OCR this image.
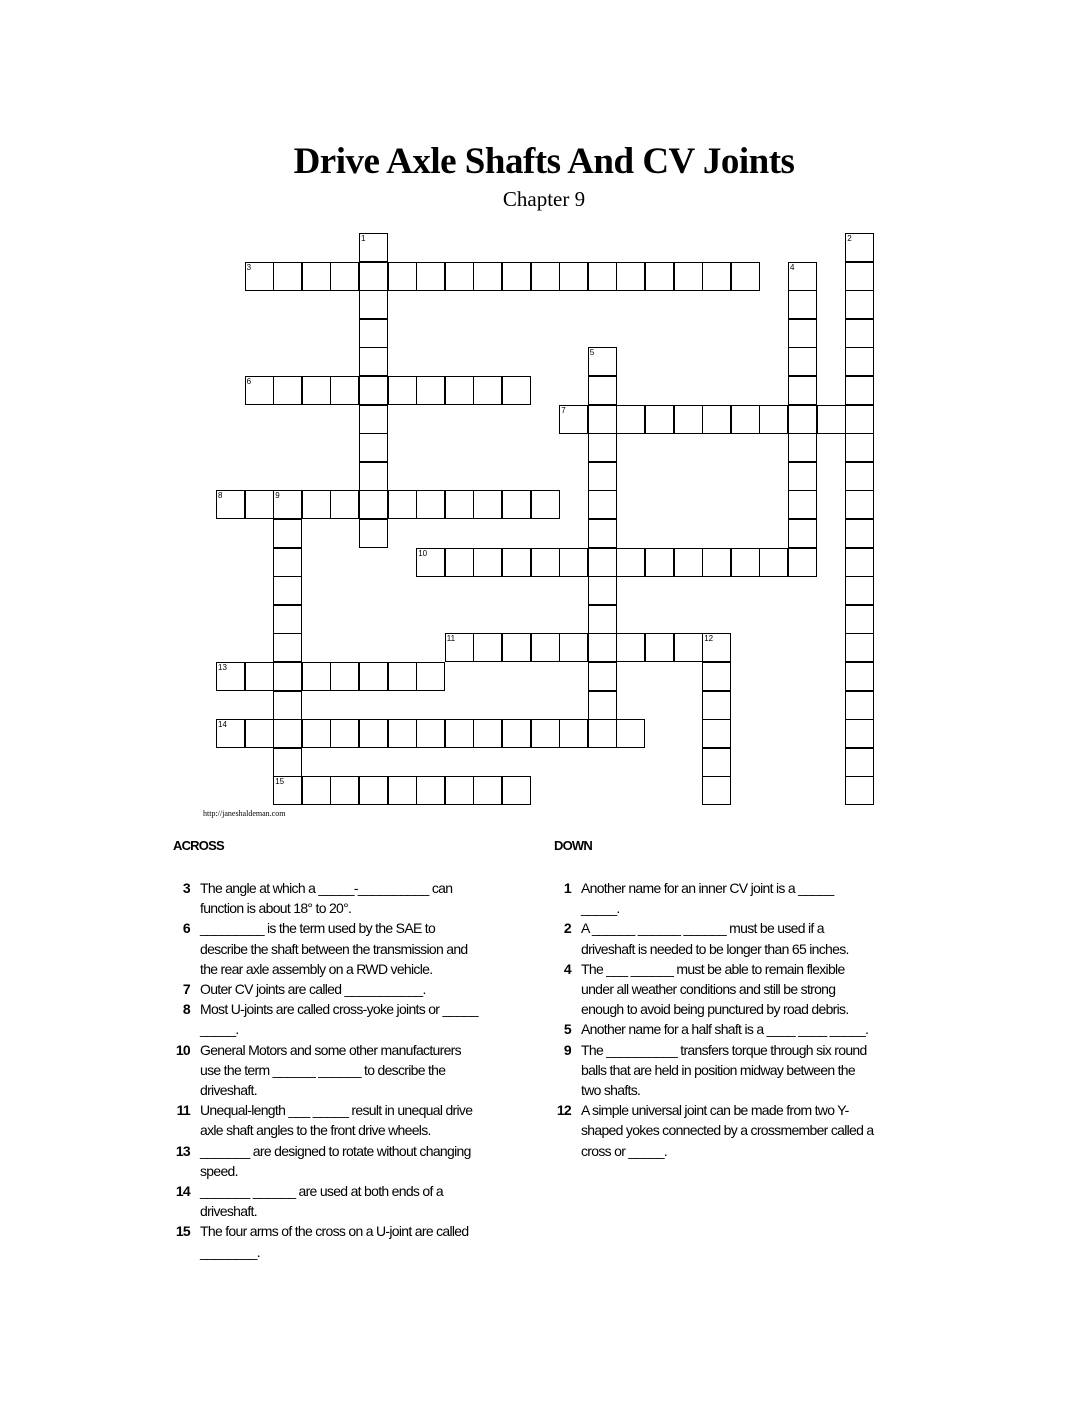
Drive Axle Shafts And CV Joints
Chapter 9
1	2
3	4
5
6
7
8	9
10
11	12
13
14
15
http://janeshaldeman.com
ACROSS	DOWN
3 The angle at which a _____-__________ can function is about 18° to 20°.
6 _________ is the term used by the SAE to describe the shaft between the transmission and the rear axle assembly on a RWD vehicle.
7 Outer CV joints are called ___________.
8 Most U-joints are called cross-yoke joints or _____ _____.
10 General Motors and some other manufacturers use the term ______ ______ to describe the driveshaft.
11 Unequal-length ___ _____ result in unequal drive axle shaft angles to the front drive wheels.
13 _______ are designed to rotate without changing speed.
14 _______ ______ are used at both ends of a driveshaft.
15 The four arms of the cross on a U-joint are called ________.
1 Another name for an inner CV joint is a _____ _____.
2 A ______ ______ ______ must be used if a driveshaft is needed to be longer than 65 inches.
4 The ___ ______ must be able to remain flexible under all weather conditions and still be strong enough to avoid being punctured by road debris.
5 Another name for a half shaft is a ____ ____ _____.
9 The __________ transfers torque through six round balls that are held in position midway between the two shafts.
12 A simple universal joint can be made from two Y-shaped yokes connected by a crossmember called a cross or _____.
